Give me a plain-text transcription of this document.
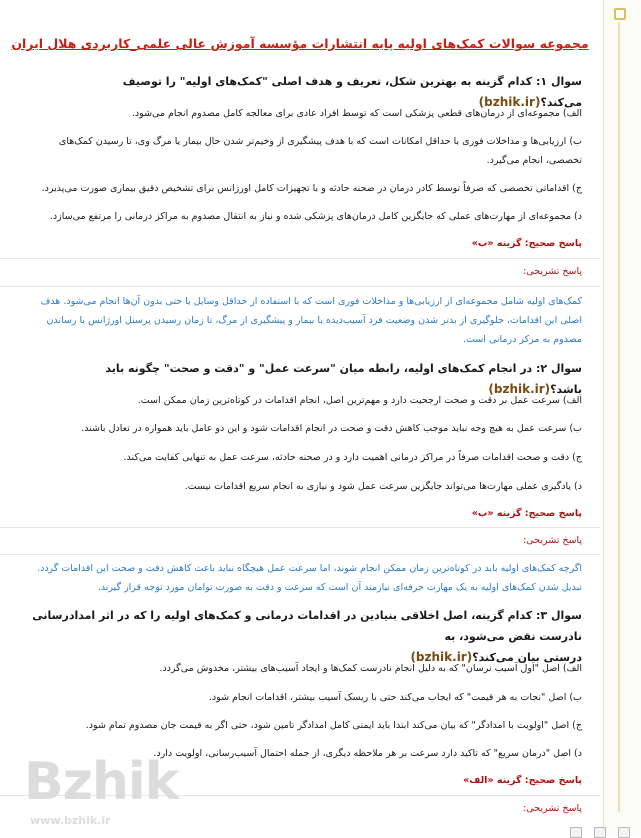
مجموعه سوالات کمک‌های اولیه پایه انتشارات مؤسسه آموزش عالی علمی_کاربردی هلال ایران
سوال ۱: کدام گزینه به بهترین شکل، تعریف و هدف اصلی "کمک‌های اولیه" را توصیف می‌کند؟(bzhik.ir)
الف) مجموعه‌ای از درمان‌های قطعی پزشکی است که توسط افراد عادی برای معالجه کامل مصدوم انجام می‌شود.
ب) ارزیابی‌ها و مداخلات فوری با حداقل امکانات است که با هدف پیشگیری از وخیم‌تر شدن حال بیمار یا مرگ وی، تا رسیدن کمک‌های
تخصصی، انجام می‌گیرد.
ج) اقداماتی تخصصی که صرفاً توسط کادر درمان در صحنه حادثه و با تجهیزات کامل اورژانس برای تشخیص دقیق بیماری صورت می‌پذیرد.
د) مجموعه‌ای از مهارت‌های عملی که جایگزین کامل درمان‌های پزشکی شده و نیاز به انتقال مصدوم به مراکز درمانی را مرتفع می‌سازد.
پاسخ صحیح: گزینه «ب»
پاسخ تشریحی:
کمک‌های اولیه شامل مجموعه‌ای از ارزیابی‌ها و مداخلات فوری است که با استفاده از حداقل وسایل یا حتی بدون آن‌ها انجام می‌شود. هدف
اصلی این اقدامات، جلوگیری از بدتر شدن وضعیت فرد آسیب‌دیده یا بیمار و پیشگیری از مرگ، تا زمان رسیدن پرسنل اورژانس یا رساندن
مصدوم به مرکز درمانی است.
سوال ۲: در انجام کمک‌های اولیه، رابطه میان "سرعت عمل" و "دقت و صحت" چگونه باید باشد؟(bzhik.ir)
الف) سرعت عمل بر دقت و صحت ارجحیت دارد و مهم‌ترین اصل، انجام اقدامات در کوتاه‌ترین زمان ممکن است.
ب) سرعت عمل به هیچ وجه نباید موجب کاهش دقت و صحت در انجام اقدامات شود و این دو عامل باید همواره در تعادل باشند.
ج) دقت و صحت اقدامات صرفاً در مراکز درمانی اهمیت دارد و در صحنه حادثه، سرعت عمل به تنهایی کفایت می‌کند.
د) یادگیری عملی مهارت‌ها می‌تواند جایگزین سرعت عمل شود و نیازی به انجام سریع اقدامات نیست.
پاسخ صحیح: گزینه «ب»
پاسخ تشریحی:
اگرچه کمک‌های اولیه باید در کوتاه‌ترین زمان ممکن انجام شوند، اما سرعت عمل هیچگاه نباید باعث کاهش دقت و صحت این اقدامات گردد.
تبدیل شدن کمک‌های اولیه به یک مهارت حرفه‌ای نیازمند آن است که سرعت و دقت به صورت توامان مورد توجه قرار گیرند.
سوال ۳: کدام گزینه، اصل اخلاقی بنیادین در اقدامات درمانی و کمک‌های اولیه را که در اثر امدادرسانی نادرست نقض می‌شود، به
درستی بیان می‌کند؟(bzhik.ir)
الف) اصل "اول آسیب نرسان" که به دلیل انجام نادرست کمک‌ها و ایجاد آسیب‌های بیشتر، مخدوش می‌گردد.
ب) اصل "نجات به هر قیمت" که ایجاب می‌کند حتی با ریسک آسیب بیشتر، اقدامات انجام شود.
ج) اصل "اولویت با امدادگر" که بیان می‌کند ابتدا باید ایمنی کامل امدادگر تامین شود، حتی اگر به قیمت جان مصدوم تمام شود.
د) اصل "درمان سریع" که تاکید دارد سرعت بر هر ملاحظه دیگری، از جمله احتمال آسیب‌رسانی، اولویت دارد.
پاسخ صحیح: گزینه «الف»
پاسخ تشریحی:
Bzhik
www.bzhik.ir
